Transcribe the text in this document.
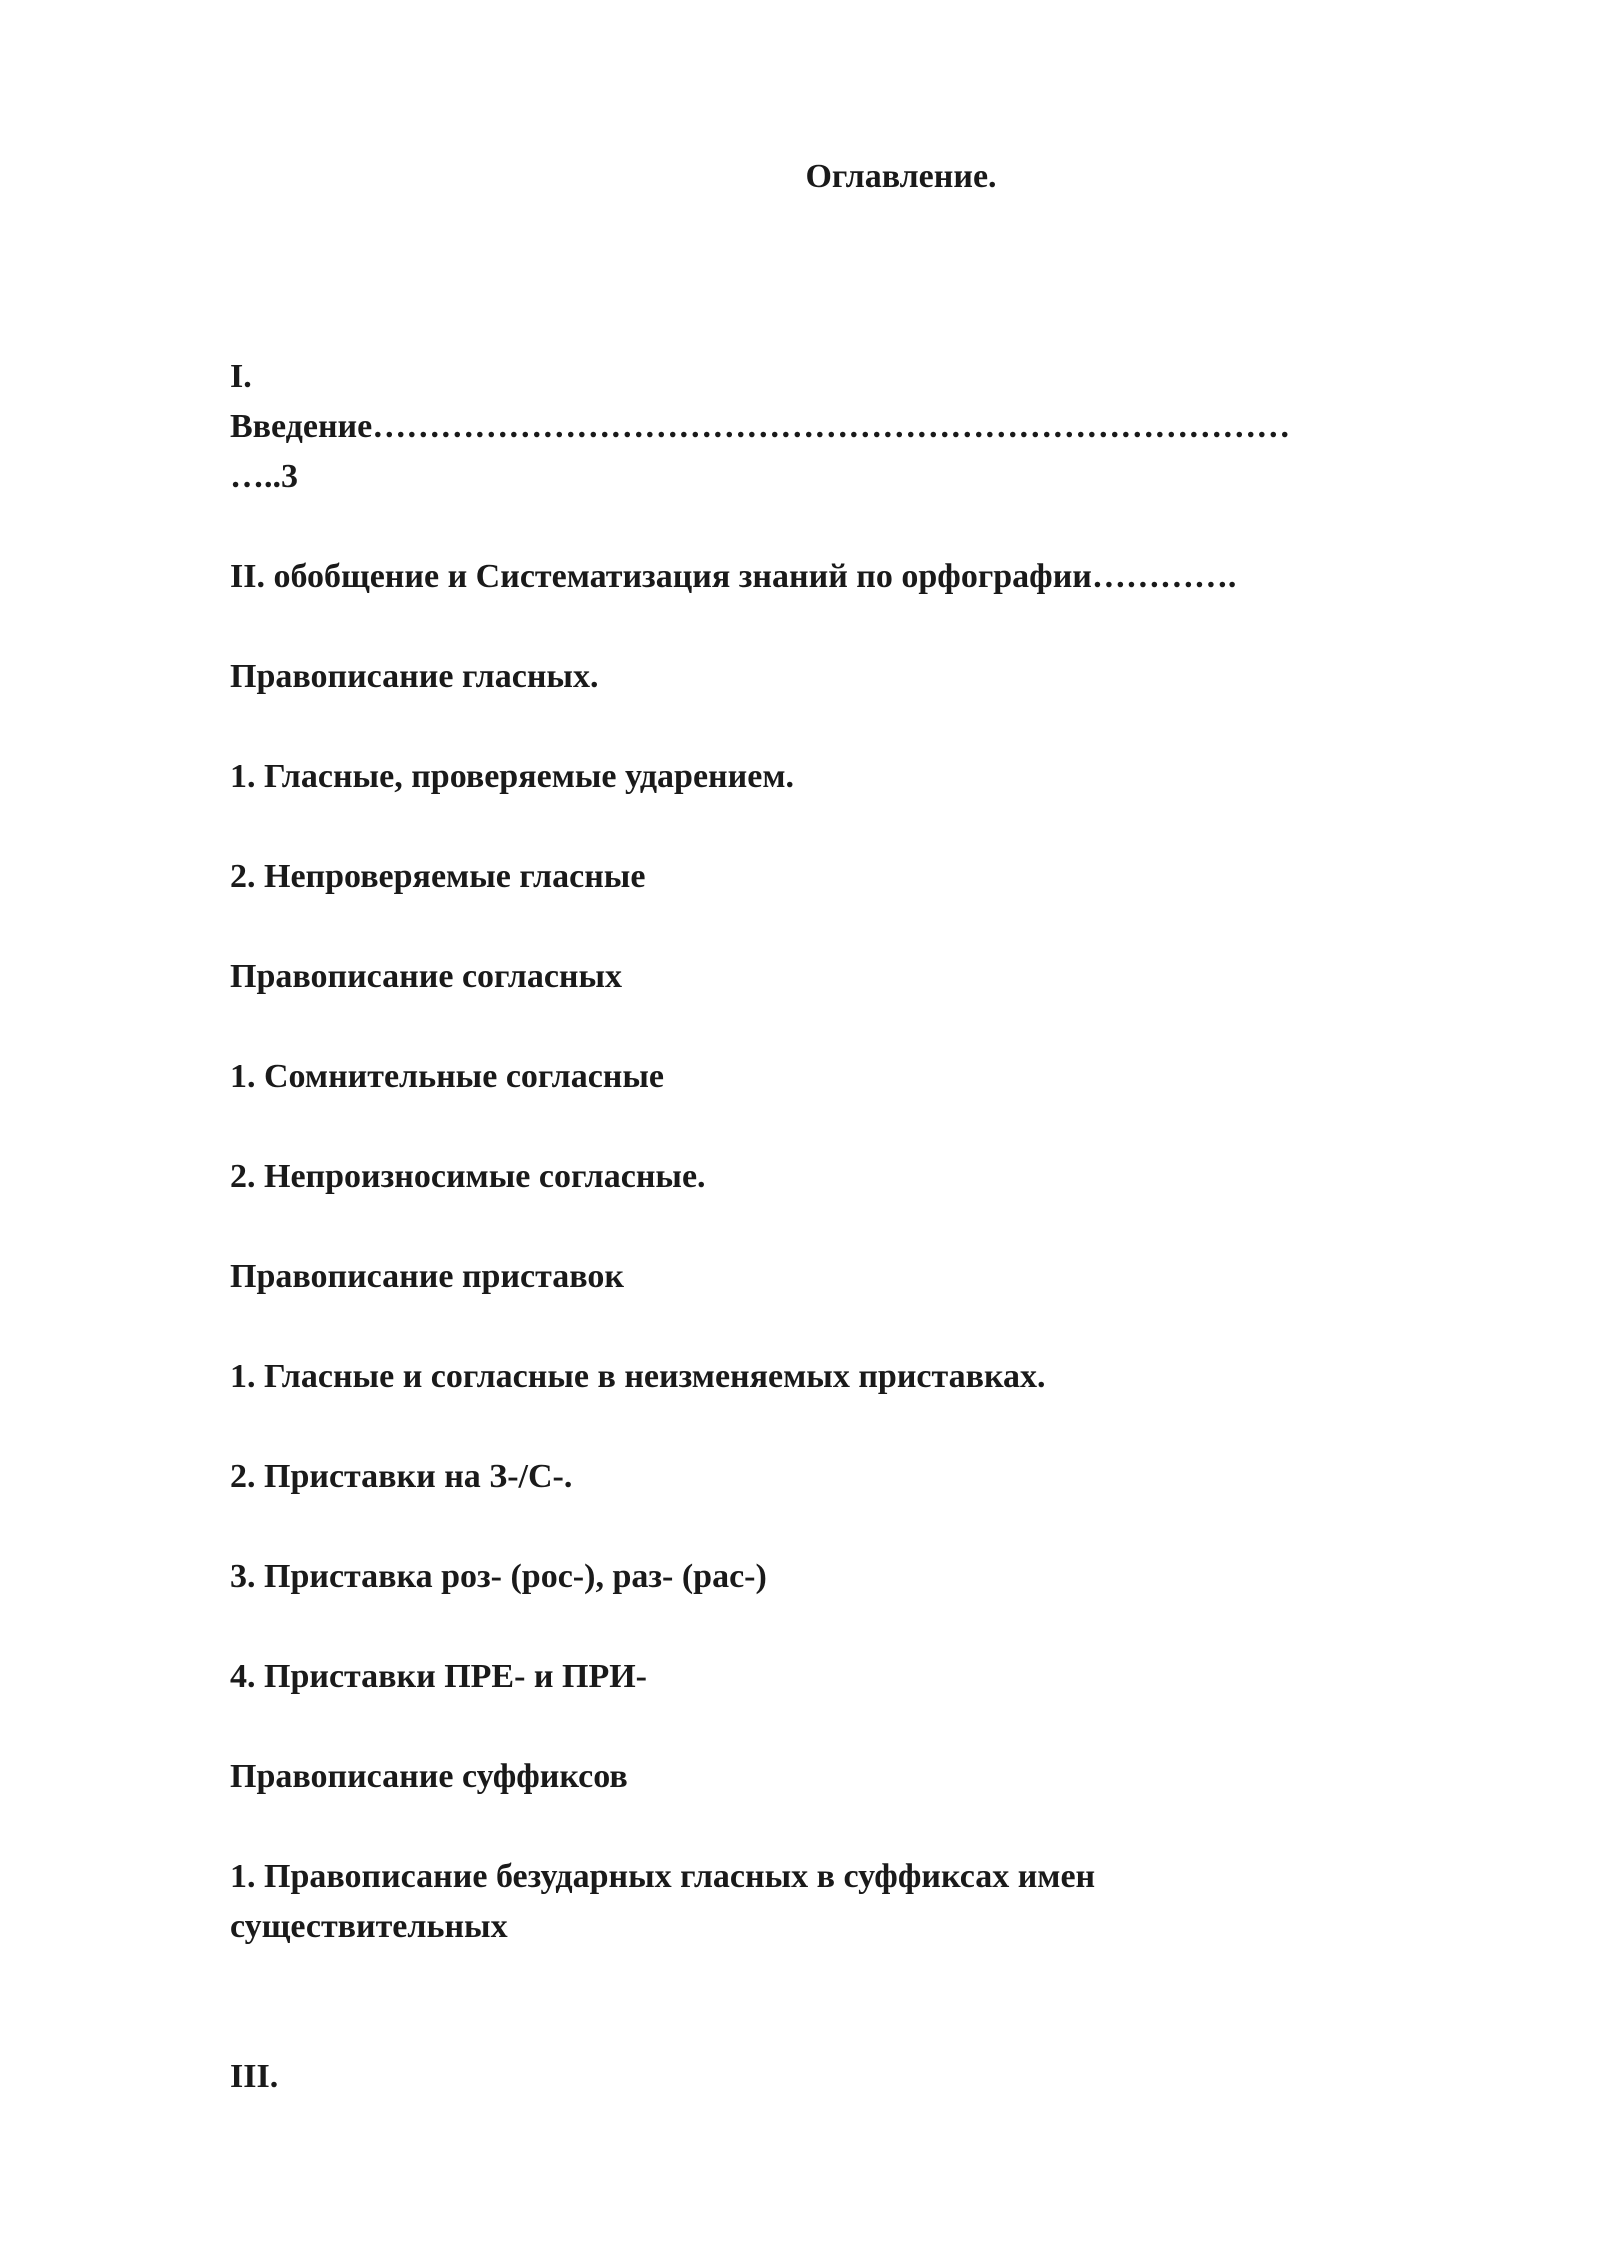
Оглавление.

I.

Введение………………………………………………………………………

…..3

II. обобщение и Систематизация знаний по орфографии………….

Правописание гласных.

1. Гласные, проверяемые ударением.

2. Непроверяемые гласные

Правописание согласных

1. Сомнительные согласные

2. Непроизносимые согласные.

Правописание приставок

1. Гласные и согласные в неизменяемых приставках.

2. Приставки на З-/С-.

3. Приставка роз- (рос-), раз- (рас-)

4. Приставки ПРЕ- и ПРИ-

Правописание суффиксов

1. Правописание безударных гласных в суффиксах имен существительных

III.
